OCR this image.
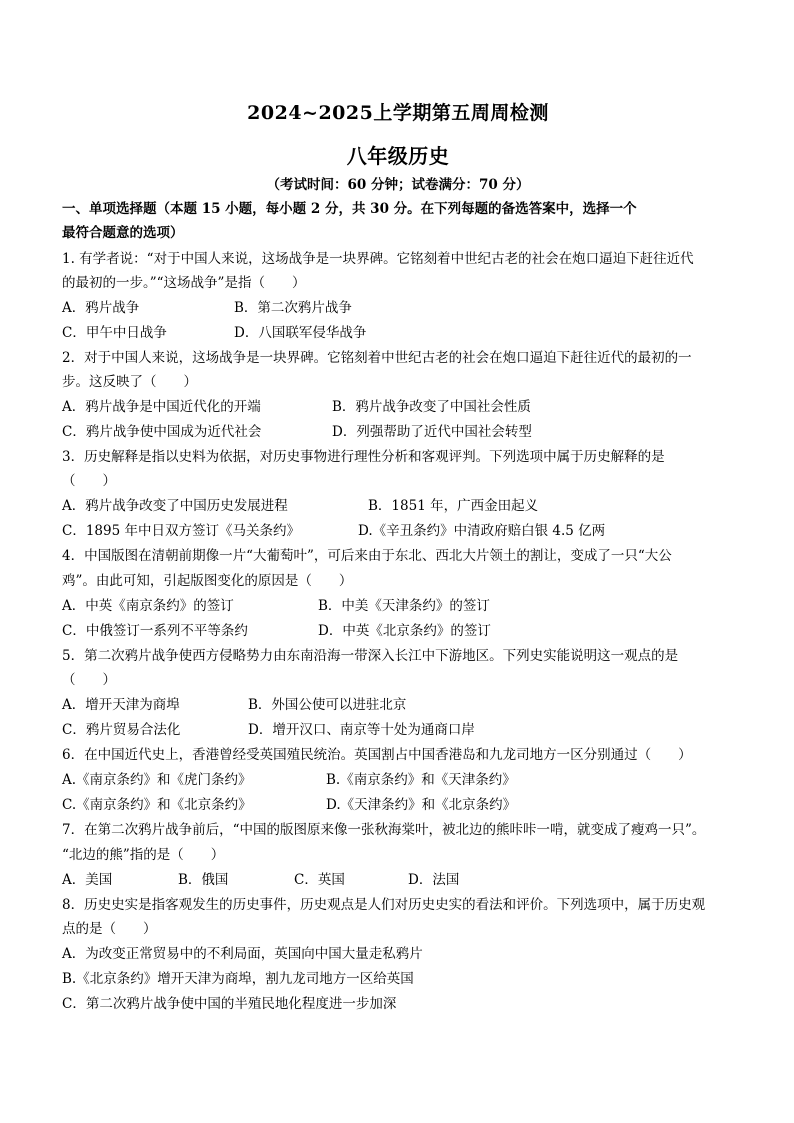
2024~2025上学期第五周周检测
八年级历史
（考试时间：60 分钟；试卷满分：70 分）
一、单项选择题（本题 15 小题，每小题 2 分，共 30 分。在下列每题的备选答案中，选择一个
最符合题意的选项）
1. 有学者说：“对于中国人来说，这场战争是一块界碑。它铭刻着中世纪古老的社会在炮口逼迫下赶往近代
的最初的一步。”“这场战争”是指（　　）
A．鸦片战争	B．第二次鸦片战争
C．甲午中日战争	D．八国联军侵华战争
2．对于中国人来说，这场战争是一块界碑。它铭刻着中世纪古老的社会在炮口逼迫下赶往近代的最初的一
步。这反映了（　　）
A．鸦片战争是中国近代化的开端	B．鸦片战争改变了中国社会性质
C．鸦片战争使中国成为近代社会	D．列强帮助了近代中国社会转型
3．历史解释是指以史料为依据，对历史事物进行理性分析和客观评判。下列选项中属于历史解释的是
（　　）
A．鸦片战争改变了中国历史发展进程	B．1851 年，广西金田起义
C．1895 年中日双方签订《马关条约》	D.《辛丑条约》中清政府赔白银 4.5 亿两
4．中国版图在清朝前期像一片“大葡萄叶”，可后来由于东北、西北大片领土的割让，变成了一只“大公
鸡”。由此可知，引起版图变化的原因是（　　）
A．中英《南京条约》的签订	B．中美《天津条约》的签订
C．中俄签订一系列不平等条约	D．中英《北京条约》的签订
5．第二次鸦片战争使西方侵略势力由东南沿海一带深入长江中下游地区。下列史实能说明这一观点的是
（　　）
A．增开天津为商埠	B．外国公使可以进驻北京
C．鸦片贸易合法化	D．增开汉口、南京等十处为通商口岸
6．在中国近代史上，香港曾经受英国殖民统治。英国割占中国香港岛和九龙司地方一区分别通过（　　）
A.《南京条约》和《虎门条约》	B.《南京条约》和《天津条约》
C.《南京条约》和《北京条约》	D.《天津条约》和《北京条约》
7．在第二次鸦片战争前后，“中国的版图原来像一张秋海棠叶，被北边的熊咔咔一啃，就变成了瘦鸡一只”。
“北边的熊”指的是（　　）
A．美国	B．俄国	C．英国	D．法国
8．历史史实是指客观发生的历史事件，历史观点是人们对历史史实的看法和评价。下列选项中，属于历史观
点的是（　　）
A．为改变正常贸易中的不利局面，英国向中国大量走私鸦片
B.《北京条约》增开天津为商埠，割九龙司地方一区给英国
C．第二次鸦片战争使中国的半殖民地化程度进一步加深
